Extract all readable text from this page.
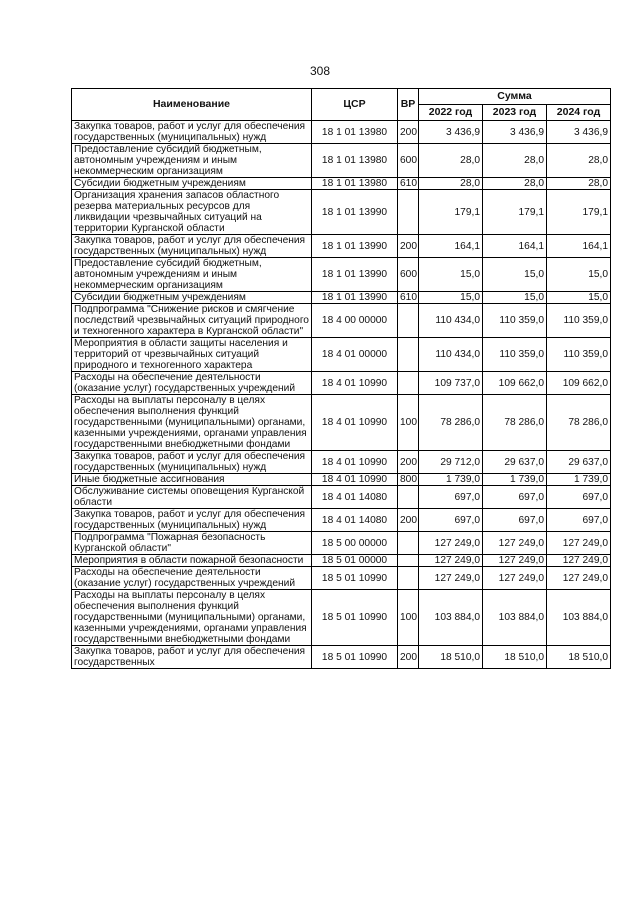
308
Наименование	ЦСР	ВР	Сумма		
			2022 год	2023 год	2024 год
Закупка товаров, работ и услуг для обеспечения государственных (муниципальных) нужд	18 1 01 13980	200	3 436,9	3 436,9	3 436,9
Предоставление субсидий бюджетным, автономным учреждениям и иным некоммерческим организациям	18 1 01 13980	600	28,0	28,0	28,0
Субсидии бюджетным учреждениям	18 1 01 13980	610	28,0	28,0	28,0
Организация хранения запасов областного резерва материальных ресурсов для ликвидации чрезвычайных ситуаций на территории Курганской области	18 1 01 13990		179,1	179,1	179,1
Закупка товаров, работ и услуг для обеспечения государственных (муниципальных) нужд	18 1 01 13990	200	164,1	164,1	164,1
Предоставление субсидий бюджетным, автономным учреждениям и иным некоммерческим организациям	18 1 01 13990	600	15,0	15,0	15,0
Субсидии бюджетным учреждениям	18 1 01 13990	610	15,0	15,0	15,0
Подпрограмма "Снижение рисков и смягчение последствий чрезвычайных ситуаций природного и техногенного характера в Курганской области"	18 4 00 00000		110 434,0	110 359,0	110 359,0
Мероприятия в области защиты населения и территорий от чрезвычайных ситуаций природного и техногенного характера	18 4 01 00000		110 434,0	110 359,0	110 359,0
Расходы на обеспечение деятельности (оказание услуг) государственных учреждений	18 4 01 10990		109 737,0	109 662,0	109 662,0
Расходы на выплаты персоналу в целях обеспечения выполнения функций государственными (муниципальными) органами, казенными учреждениями, органами управления государственными внебюджетными фондами	18 4 01 10990	100	78 286,0	78 286,0	78 286,0
Закупка товаров, работ и услуг для обеспечения государственных (муниципальных) нужд	18 4 01 10990	200	29 712,0	29 637,0	29 637,0
Иные бюджетные ассигнования	18 4 01 10990	800	1 739,0	1 739,0	1 739,0
Обслуживание системы оповещения Курганской области	18 4 01 14080		697,0	697,0	697,0
Закупка товаров, работ и услуг для обеспечения государственных (муниципальных) нужд	18 4 01 14080	200	697,0	697,0	697,0
Подпрограмма "Пожарная безопасность Курганской области"	18 5 00 00000		127 249,0	127 249,0	127 249,0
Мероприятия в области пожарной безопасности	18 5 01 00000		127 249,0	127 249,0	127 249,0
Расходы на обеспечение деятельности (оказание услуг) государственных учреждений	18 5 01 10990		127 249,0	127 249,0	127 249,0
Расходы на выплаты персоналу в целях обеспечения выполнения функций государственными (муниципальными) органами, казенными учреждениями, органами управления государственными внебюджетными фондами	18 5 01 10990	100	103 884,0	103 884,0	103 884,0
Закупка товаров, работ и услуг для обеспечения государственных	18 5 01 10990	200	18 510,0	18 510,0	18 510,0
